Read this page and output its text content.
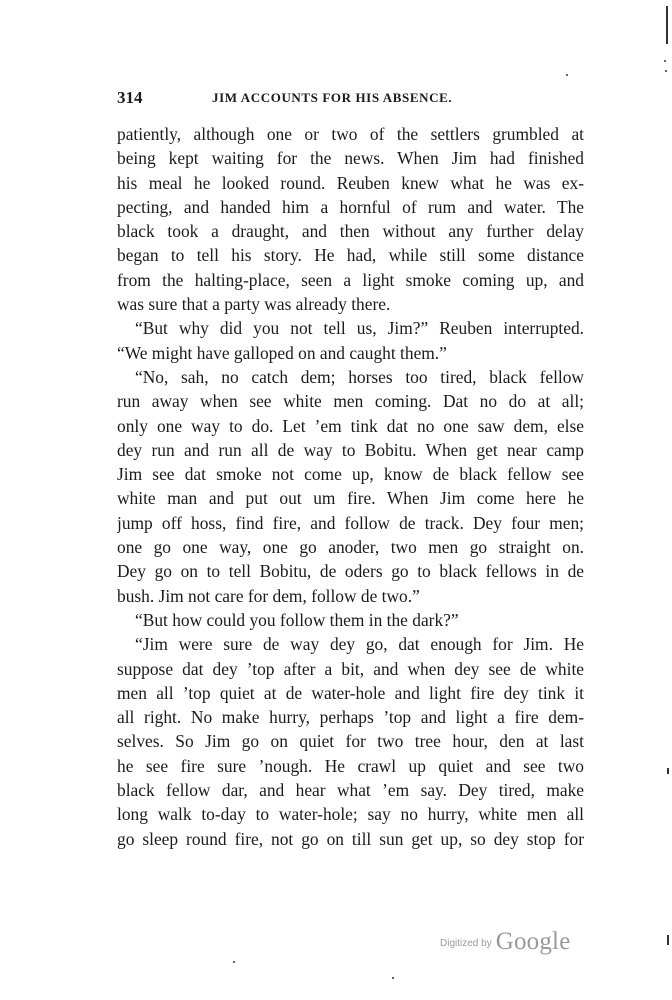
314	JIM ACCOUNTS FOR HIS ABSENCE.
patiently, although one or two of the settlers grumbled at
being kept waiting for the news. When Jim had finished
his meal he looked round. Reuben knew what he was ex-
pecting, and handed him a hornful of rum and water. The
black took a draught, and then without any further delay
began to tell his story. He had, while still some distance
from the halting-place, seen a light smoke coming up, and
was sure that a party was already there.
“But why did you not tell us, Jim?” Reuben interrupted.
“We might have galloped on and caught them.”
“No, sah, no catch dem; horses too tired, black fellow
run away when see white men coming. Dat no do at all;
only one way to do. Let ’em tink dat no one saw dem, else
dey run and run all de way to Bobitu. When get near camp
Jim see dat smoke not come up, know de black fellow see
white man and put out um fire. When Jim come here he
jump off hoss, find fire, and follow de track. Dey four men;
one go one way, one go anoder, two men go straight on.
Dey go on to tell Bobitu, de oders go to black fellows in de
bush. Jim not care for dem, follow de two.”
“But how could you follow them in the dark?”
“Jim were sure de way dey go, dat enough for Jim. He
suppose dat dey ’top after a bit, and when dey see de white
men all ’top quiet at de water-hole and light fire dey tink it
all right. No make hurry, perhaps ’top and light a fire dem-
selves. So Jim go on quiet for two tree hour, den at last
he see fire sure ’nough. He crawl up quiet and see two
black fellow dar, and hear what ’em say. Dey tired, make
long walk to-day to water-hole; say no hurry, white men all
go sleep round fire, not go on till sun get up, so dey stop for
Digitized by Google
